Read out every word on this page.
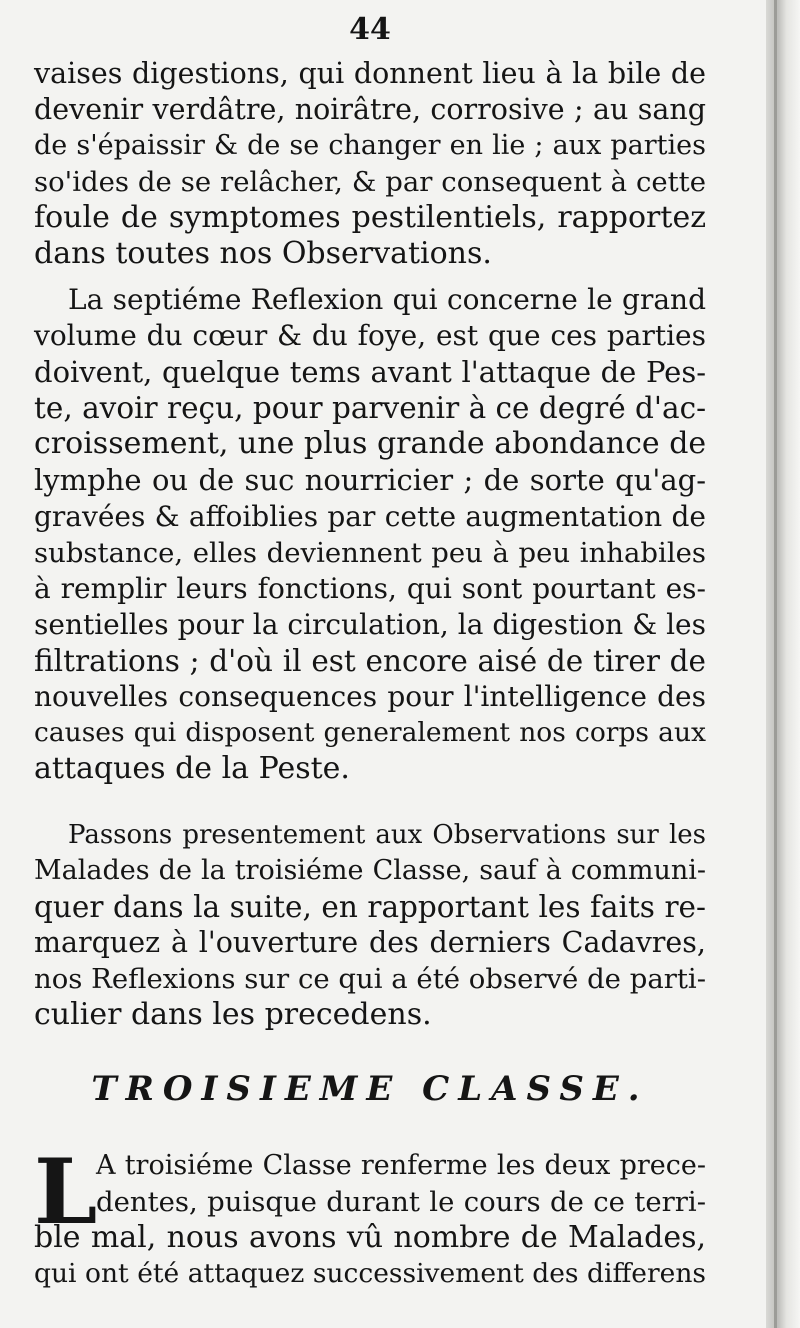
44
vaises digestions, qui donnent lieu à la bile de
devenir verdâtre, noirâtre, corrosive ; au sang
de s'épaissir & de se changer en lie ; aux parties
so'ides de se relâcher, & par consequent à cette
foule de symptomes pestilentiels, rapportez
dans toutes nos Observations.
La septiéme Reflexion qui concerne le grand
volume du cœur & du foye, est que ces parties
doivent, quelque tems avant l'attaque de Pes-
te, avoir reçu, pour parvenir à ce degré d'ac-
croissement, une plus grande abondance de
lymphe ou de suc nourricier ; de sorte qu'ag-
gravées & affoiblies par cette augmentation de
substance, elles deviennent peu à peu inhabiles
à remplir leurs fonctions, qui sont pourtant es-
sentielles pour la circulation, la digestion & les
filtrations ; d'où il est encore aisé de tirer de
nouvelles consequences pour l'intelligence des
causes qui disposent generalement nos corps aux
attaques de la Peste.
Passons presentement aux Observations sur les
Malades de la troisiéme Classe, sauf à communi-
quer dans la suite, en rapportant les faits re-
marquez à l'ouverture des derniers Cadavres,
nos Reflexions sur ce qui a été observé de parti-
culier dans les precedens.
TROISIEME CLASSE.
L
A troisiéme Classe renferme les deux prece-
dentes, puisque durant le cours de ce terri-
ble mal, nous avons vû nombre de Malades,
qui ont été attaquez successivement des differens
